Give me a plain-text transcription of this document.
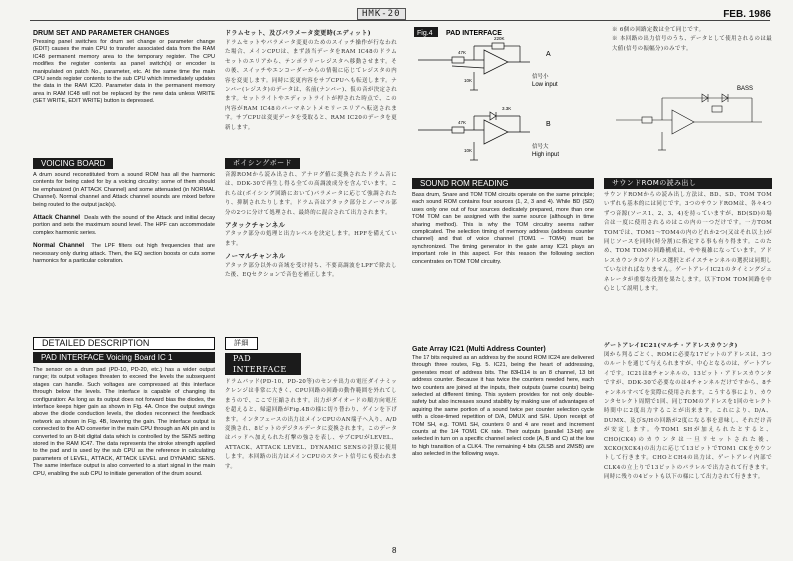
HMK-20	FEB. 1986
DRUM SET AND PARAMETER CHANGES
Pressing panel switches for drum set change or parameter change (EDIT) causes the main CPU to transfer associated data from the RAM IC48 permanent memory area to the temporary register. The CPU modifies the register contents as panel switch(s) or encoder is manipulated on patch No., parameter, etc. At the same time the main CPU sends register contents to the sub CPU which immediately updates the data in the RAM IC20. Parameter data in the permanent memory area in RAM IC48 will not be replaced by the new data unless WRITE (SET WRITE, EDIT WRITE) button is depressed.
VOICING BOARD
A drum sound reconstituted from a sound ROM has all the harmonic contents for being cated for by a voicing circuitry: some of them should be emphasized (in ATTACK Channel) and some attenuated (in NORMAL Channel). Normal channel and Attack channel sounds are mixed before being routed to the output jack(s).
Attack Channel Deals with the sound of the Attack and initial decay portion and sets the maximum sound level. The HPF can accommodate complex harmonic series.
Normal Channel The LPF filters out high frequencies that are necessary only during attack. Then, the EQ section boosts or cuts some harmonics for a particular coloration.
DETAILED DESCRIPTION
PAD INTERFACE Voicing Board IC 1
The sensor on a drum pad (PD-10, PD-20, etc.) has a wider output range; its output voltages threaten to exceed the levels the subsequent stages can handle. Such voltages are compressed at this interface through below the levels. The interface is capable of changing its configuration: As long as its output does not forward bias the diodes, the interface keeps higer gain as shown in Fig. 4A. Once the output swings above the diode conduction levels, the diodes reconnect the feedback network as shown in Fig. 4B, lowering the gain. The interface output is connected to the A/D converter in the main CPU through an AN pin and is converted to an 8-bit digital data which is controlled by the SENS setting stored in the RAM IC47. The data represents the stroke strength applied to the pad and is used by the sub CPU as the reference in calculating parameters of LEVEL, ATTACK, ATTACK LEVEL and DYNAMIC SENS. The same interface output is also converted to a start signal in the main CPU, enabling the sub CPU to initiate generation of the drum sound.
ドラムセット、及びパラメータ変更時(エディット)
ドラムセットやパラメータ変更のためのスイッチ操作が行なわれた場合、メインCPUは、まず該当データをRAM IC48のドラムセットのエリアから、テンポラリーレジスタへ移動させます。その後、スイッチやエンコーダーからの情報に応じてレジスタの内容を変更します。同時に変更内容をサブCPUへも転送します。ナンバー(レジスタ)のデータは、名前(ナンバー)、仮の音が決定されます。セットライトやエディットライトが押された時点で、この内容がRAM IC48のパーマネントメモリーエリアへ転送されます。サブCPUは変更データを受取ると、RAM IC20のデータを更新します。
ボイシングボード
音源ROMから読み出され、アナログ値に変換されたドラム音には、DDK-30で再生し得る全ての高調波成分を含んでいます。これらは(ボイシング回路において)パラメータに応じて強調されたり、抑制されたりします。ドラム音はアタック部分とノーマル部分の2つに分けて処理され、最終的に混合されて出力されます。
アタックチャンネル
アタック部分の処理と出力レベルを決定します。HPFを備えています。
ノーマルチャンネル
アタック部分以外の音域を受け持ち、不要高調波をLPFで除去した後、EQセクションで音色を補正します。
詳細
PAD INTERFACE
ドラムパッド(PD-10、PD-20等)のセンサ出力の電圧ダイナミックレンジは非常に大きく、CPU回路の回路の動作範囲を外れてしまうので、ここで圧縮されます。出力がダイオードの順方向電圧を超えると、帰還回路がFig.4Bの様に切り替わり、ゲインを下げます。インタフェースの出力はメインCPUのAN端子へ入り、A/D変換され、8ビットのデジタルデータに変換されます。このデータはパッドへ加えられた打撃の強さを表し、サブCPUがLEVEL、ATTACK、ATTACK LEVEL、DYNAMIC SENSの計算に使用します。本回路の出力はメインCPUのスタート信号にも使われます。
Fig.4 PAD INTERFACE
47K
220K
10K
A
信号小
Low input
47K
3.3K
10K
B
信号大
High input
※ 6個の回路定数は全て同じです。
※ 本回路の出力信号のうち、データとして使用されるのは最大値(信号の振幅分)のみです。
BASS
SOUND ROM READING
Bass drum, Snare and TOM TOM circuits operate on the same principle; each sound ROM contains four sources (1, 2, 3 and 4). While BD (SD) uses only one out of four sources dedicately prepared, more than one TOM TOM can be assigned with the same source (although in time sharing method). This is why the TOM circuitry seems rather complicated. The selection timing of memory address (address counter channel) and that of voice channel (TOM1 – TOM4) must be synchronized. The timing generator in the gate array IC21 plays an important role in this aspect. For this reason the following section concentrates on TOM TOM circuitry.
サウンドROMの読み出し
サウンドROMからの読み出し方法は、BD、SD、TOM TOMいずれも基本的には同じです。3つのサウンドROMは、各々4つずつ音源(ソース1、2、3、4)を持っていますが、BD(SD)の場合は一度に使用されるのはこの内の一つだけです。一方TOM TOMでは、TOM1〜TOM4の内のどれか2つ(又はそれ以上)が同じソースを同時(時分割)に指定する事も有り得ます。このため、TOM TOMの回路構成は、やや複雑になっています。アドレスカウンタのアドレス選択とボイスチャンネルの選択は同期していなければなりません。ゲートアレイIC21のタイミングジェネレータが重要な役割を果たします。以下TOM TOM回路を中心として説明します。
Gate Array IC21 (Multi Address Counter)
The 17 bits required as an address by the sound ROM IC24 are delivered through three routes, Fig. 5. IC21, being the heart of addressing, generates most of address bits. The 83H114 is an 8 channel, 13 bit address counter. Because it has twice the counters needed here, each two counters are joined at the inputs, their outputs (same counts) being selected at different timing. This system provides for not only double-safety but also increases sound stability by making use of advantages of aquiring the same portion of a sound twice per counter selection cycle with a close-timed repetition of D/A, DMUX and S/H. Upon receipt of TOM SH, e.g. TOM1 SH, counters 0 and 4 are reset and increment counts at the 1/4 TOM1 CK rate. Their outputs (parallel 13-bit) are selected in turn on a specific channel select code (A, B and C) at the low to high transition of a CLK4. The remaining 4 bits (2LSB and 2MSB) are also selected in the following ways.
ゲートアレイIC21(マルチ・アドレスカウンタ)
図から判るごとく、ROMに必要な17ビットのアドレスは、3つのルートを通じて与えられますが、中心となるのは、ゲートアレイです。IC21は8チャンネルの、13ビット・アドレスカウンタですが、DDK-30で必要なのは4チャンネルだけですから、8チャンネルすべてを実際に使用されます。こうする事により、カウンタセレクト周期で1回、同じTOMのアドレスを1回のセレクト時間中に2度出力することが出来ます。これにより、D/A、DUMX、及びS/Hの回路が2度になる事を意味し、それだけ音が安定します。今TOM1 SHが加えられたとすると、CHO(CK4)のカウンタは一旦リセットされた後、XCKO(XCK4)の出力に応じて13ビットでTOM1 CKをカウントして行きます。CHOとCH4の出力は、ゲートアレイ内部でCLK4の立上りで13ビットのパラレルで出力されて行きます。同時に残りの4ビットも以下の様にして出力されて行きます。
8
